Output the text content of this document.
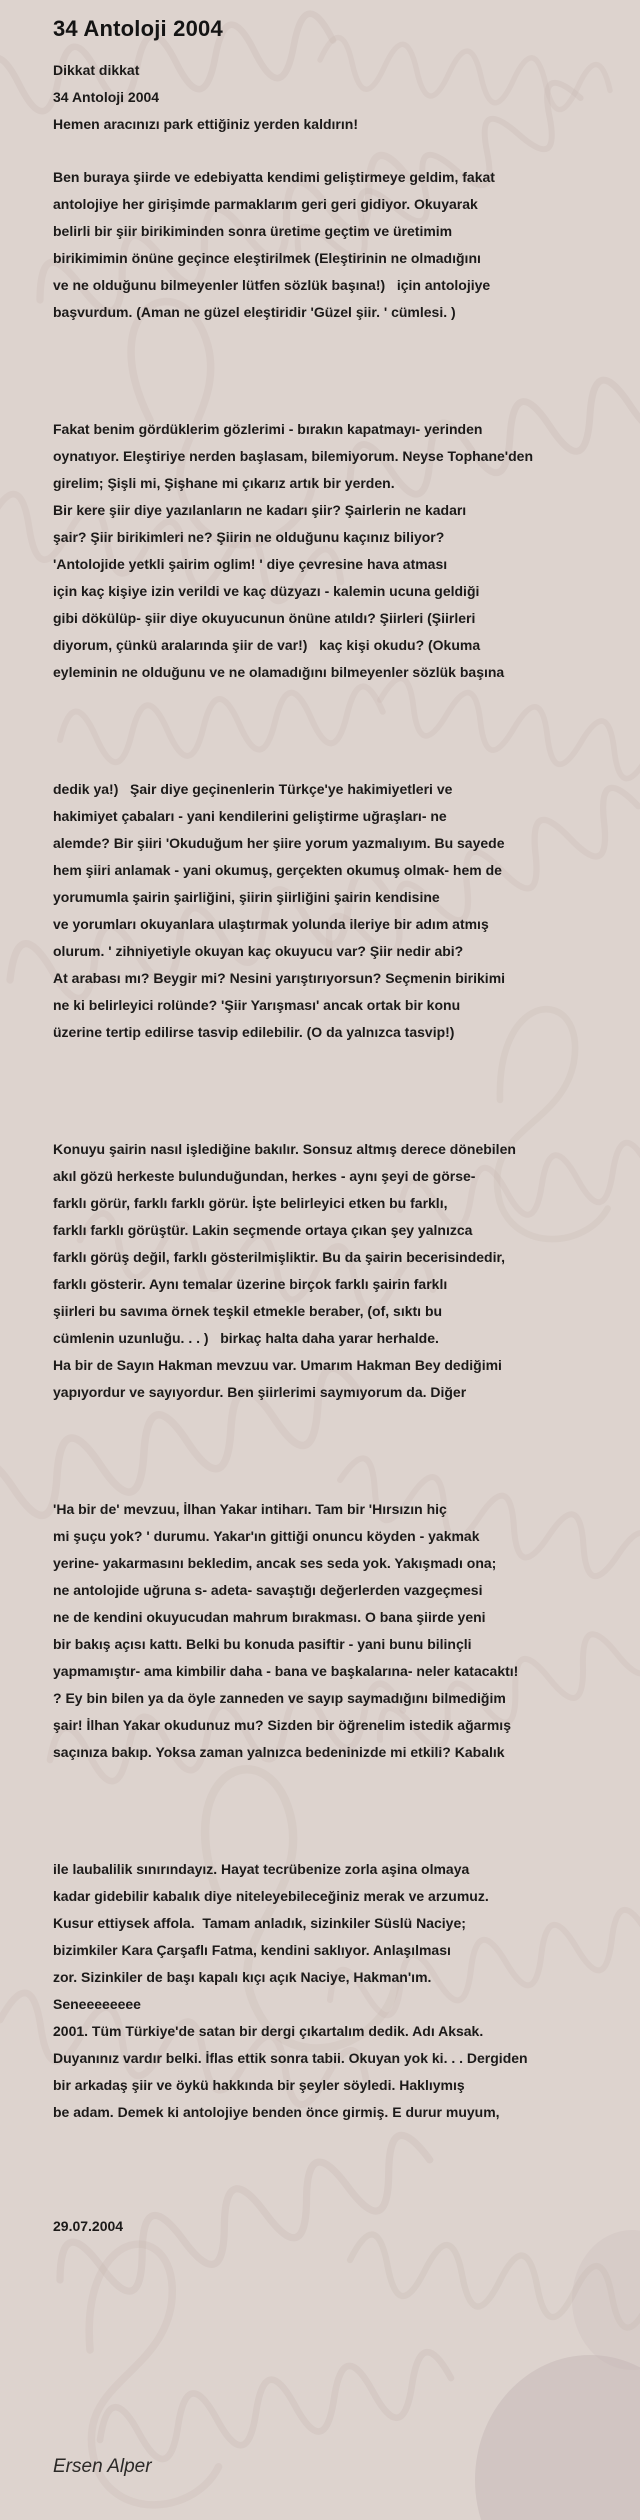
34 Antoloji 2004
Dikkat dikkat
34 Antoloji 2004
Hemen aracınızı park ettiğiniz yerden kaldırın!
Ben buraya şiirde ve edebiyatta kendimi geliştirmeye geldim, fakat
antolojiye her girişimde parmaklarım geri geri gidiyor. Okuyarak
belirli bir şiir birikiminden sonra üretime geçtim ve üretimim
birikimimin önüne geçince eleştirilmek (Eleştirinin ne olmadığını
ve ne olduğunu bilmeyenler lütfen sözlük başına!)   için antolojiye
başvurdum. (Aman ne güzel eleştiridir 'Güzel şiir. ' cümlesi. )
Fakat benim gördüklerim gözlerimi - bırakın kapatmayı- yerinden
oynatıyor. Eleştiriye nerden başlasam, bilemiyorum. Neyse Tophane'den
girelim; Şişli mi, Şişhane mi çıkarız artık bir yerden.
Bir kere şiir diye yazılanların ne kadarı şiir? Şairlerin ne kadarı
şair? Şiir birikimleri ne? Şiirin ne olduğunu kaçınız biliyor?
'Antolojide yetkli şairim oglim! ' diye çevresine hava atması
için kaç kişiye izin verildi ve kaç düzyazı - kalemin ucuna geldiği
gibi dökülüp- şiir diye okuyucunun önüne atıldı? Şiirleri (Şiirleri
diyorum, çünkü aralarında şiir de var!)   kaç kişi okudu? (Okuma
eyleminin ne olduğunu ve ne olamadığını bilmeyenler sözlük başına
dedik ya!)   Şair diye geçinenlerin Türkçe'ye hakimiyetleri ve
hakimiyet çabaları - yani kendilerini geliştirme uğraşları- ne
alemde? Bir şiiri 'Okuduğum her şiire yorum yazmalıyım. Bu sayede
hem şiiri anlamak - yani okumuş, gerçekten okumuş olmak- hem de
yorumumla şairin şairliğini, şiirin şiirliğini şairin kendisine
ve yorumları okuyanlara ulaştırmak yolunda ileriye bir adım atmış
olurum. ' zihniyetiyle okuyan kaç okuyucu var? Şiir nedir abi?
At arabası mı? Beygir mi? Nesini yarıştırıyorsun? Seçmenin birikimi
ne ki belirleyici rolünde? 'Şiir Yarışması' ancak ortak bir konu
üzerine tertip edilirse tasvip edilebilir. (O da yalnızca tasvip!)
Konuyu şairin nasıl işlediğine bakılır. Sonsuz altmış derece dönebilen
akıl gözü herkeste bulunduğundan, herkes - aynı şeyi de görse-
farklı görür, farklı farklı görür. İşte belirleyici etken bu farklı,
farklı farklı görüştür. Lakin seçmende ortaya çıkan şey yalnızca
farklı görüş değil, farklı gösterilmişliktir. Bu da şairin becerisindedir,
farklı gösterir. Aynı temalar üzerine birçok farklı şairin farklı
şiirleri bu savıma örnek teşkil etmekle beraber, (of, sıktı bu
cümlenin uzunluğu. . . )   birkaç halta daha yarar herhalde.
Ha bir de Sayın Hakman mevzuu var. Umarım Hakman Bey dediğimi
yapıyordur ve sayıyordur. Ben şiirlerimi saymıyorum da. Diğer
'Ha bir de' mevzuu, İlhan Yakar intiharı. Tam bir 'Hırsızın hiç
mi şuçu yok? ' durumu. Yakar'ın gittiği onuncu köyden - yakmak
yerine- yakarmasını bekledim, ancak ses seda yok. Yakışmadı ona;
ne antolojide uğruna s- adeta- savaştığı değerlerden vazgeçmesi
ne de kendini okuyucudan mahrum bırakması. O bana şiirde yeni
bir bakış açısı kattı. Belki bu konuda pasiftir - yani bunu bilinçli
yapmamıştır- ama kimbilir daha - bana ve başkalarına- neler katacaktı!
? Ey bin bilen ya da öyle zanneden ve sayıp saymadığını bilmediğim
şair! İlhan Yakar okudunuz mu? Sizden bir öğrenelim istedik ağarmış
saçınıza bakıp. Yoksa zaman yalnızca bedeninizde mi etkili? Kabalık
ile laubalilik sınırındayız. Hayat tecrübenize zorla aşina olmaya
kadar gidebilir kabalık diye niteleyebileceğiniz merak ve arzumuz.
Kusur ettiysek affola.  Tamam anladık, sizinkiler Süslü Naciye;
bizimkiler Kara Çarşaflı Fatma, kendini saklıyor. Anlaşılması
zor. Sizinkiler de başı kapalı kıçı açık Naciye, Hakman'ım.
Seneeeeeeee
2001. Tüm Türkiye'de satan bir dergi çıkartalım dedik. Adı Aksak.
Duyanınız vardır belki. İflas ettik sonra tabii. Okuyan yok ki. . . Dergiden
bir arkadaş şiir ve öykü hakkında bir şeyler söyledi. Haklıymış
be adam. Demek ki antolojiye benden önce girmiş. E durur muyum,
29.07.2004
Ersen Alper
